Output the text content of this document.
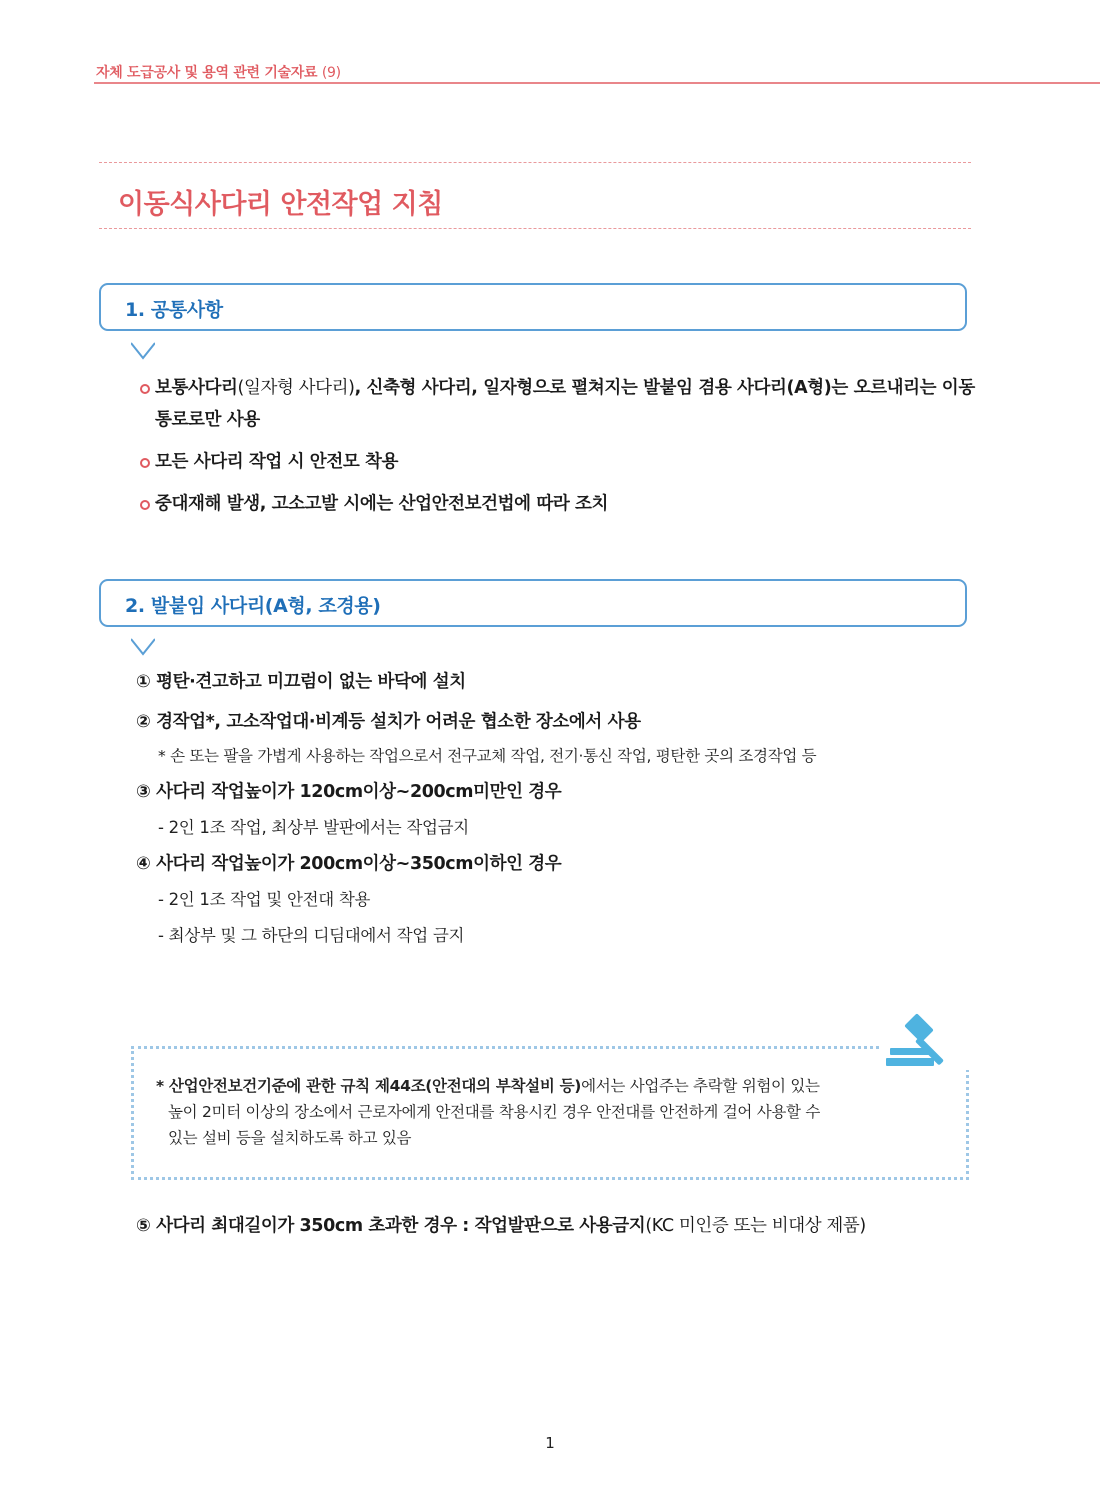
자체 도급공사 및 용역 관련 기술자료 (9)
이동식사다리 안전작업 지침
1. 공통사항
보통사다리(일자형 사다리), 신축형 사다리, 일자형으로 펼쳐지는 발붙임 겸용 사다리(A형)는 오르내리는 이동통로로만 사용
모든 사다리 작업 시 안전모 착용
중대재해 발생, 고소고발 시에는 산업안전보건법에 따라 조치
2. 발붙임 사다리(A형, 조경용)
① 평탄·견고하고 미끄럼이 없는 바닥에 설치
② 경작업*, 고소작업대·비계등 설치가 어려운 협소한 장소에서 사용
* 손 또는 팔을 가볍게 사용하는 작업으로서 전구교체 작업, 전기·통신 작업, 평탄한 곳의 조경작업 등
③ 사다리 작업높이가 120cm이상~200cm미만인 경우
- 2인 1조 작업, 최상부 발판에서는 작업금지
④ 사다리 작업높이가 200cm이상~350cm이하인 경우
- 2인 1조 작업 및 안전대 착용
- 최상부 및 그 하단의 디딤대에서 작업 금지
* 산업안전보건기준에 관한 규칙 제44조(안전대의 부착설비 등)에서는 사업주는 추락할 위험이 있는
높이 2미터 이상의 장소에서 근로자에게 안전대를 착용시킨 경우 안전대를 안전하게 걸어 사용할 수
있는 설비 등을 설치하도록 하고 있음
⑤ 사다리 최대길이가 350cm 초과한 경우 : 작업발판으로 사용금지(KC 미인증 또는 비대상 제품)
1
